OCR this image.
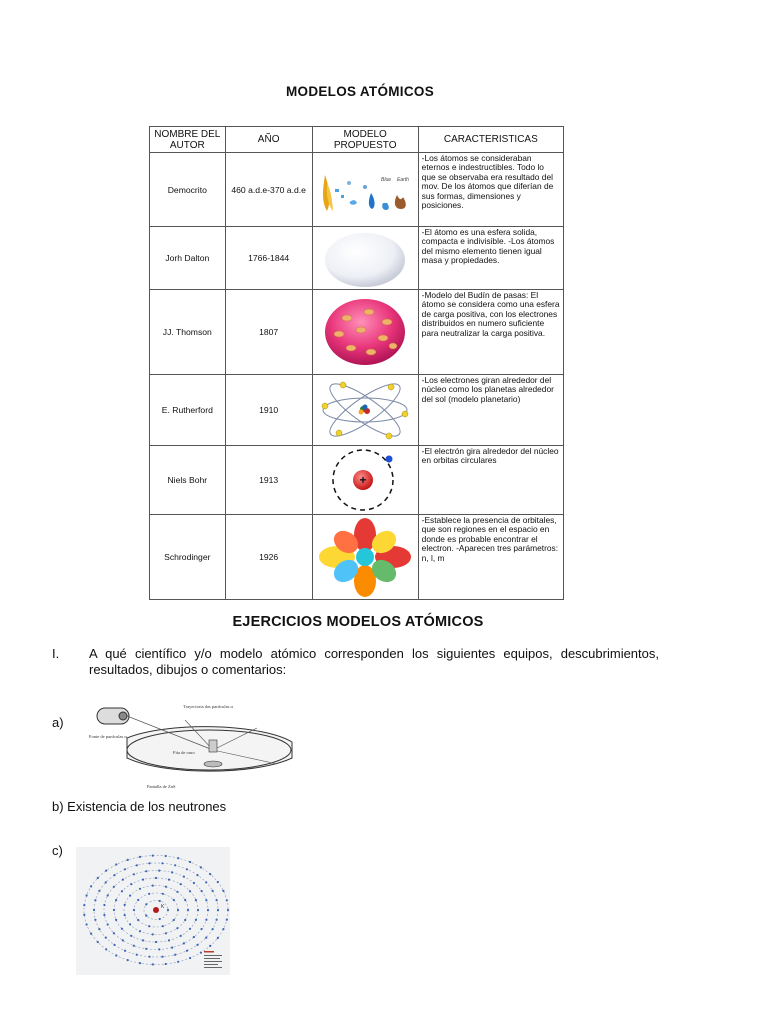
MODELOS ATÓMICOS
NOMBRE DEL AUTOR	AÑO	MODELO PROPUESTO	CARACTERISTICAS
Democrito	460 a.d.e-370 a.d.e	Blue Earth	-Los átomos se consideraban eternos e indestructibles. Todo lo que se observaba era resultado del mov. De los átomos que diferían de sus formas, dimensiones y posiciones.
Jorh Dalton	1766-1844		-El átomo es una esfera solida, compacta e indivisible. -Los átomos del mismo elemento tienen igual masa y propiedades.
JJ. Thomson	1807		-Modelo del Budín de pasas: El átomo se considera como una esfera de carga positiva, con los electrones distribuidos en numero suficiente para neutralizar la carga positiva.
E. Rutherford	1910		-Los electrones giran alrededor del núcleo como los planetas alrededor del sol (modelo planetario)
Niels Bohr	1913	+	-El electrón gira alrededor del núcleo en orbitas circulares
Schrodinger	1926		-Establece la presencia de orbitales, que son regiones en el espacio en donde es probable encontrar el electron. -Aparecen tres parámetros: n, l, m
EJERCICIOS MODELOS ATÓMICOS
I. A qué científico y/o modelo atómico corresponden los siguientes equipos, descubrimientos, resultados, dibujos o comentarios:
a)
Trayectoria das partículas α
Fonte de partículas α
Fita de ouro
Pantalla de ZnS
b) Existencia de los neutrones
c)
K
